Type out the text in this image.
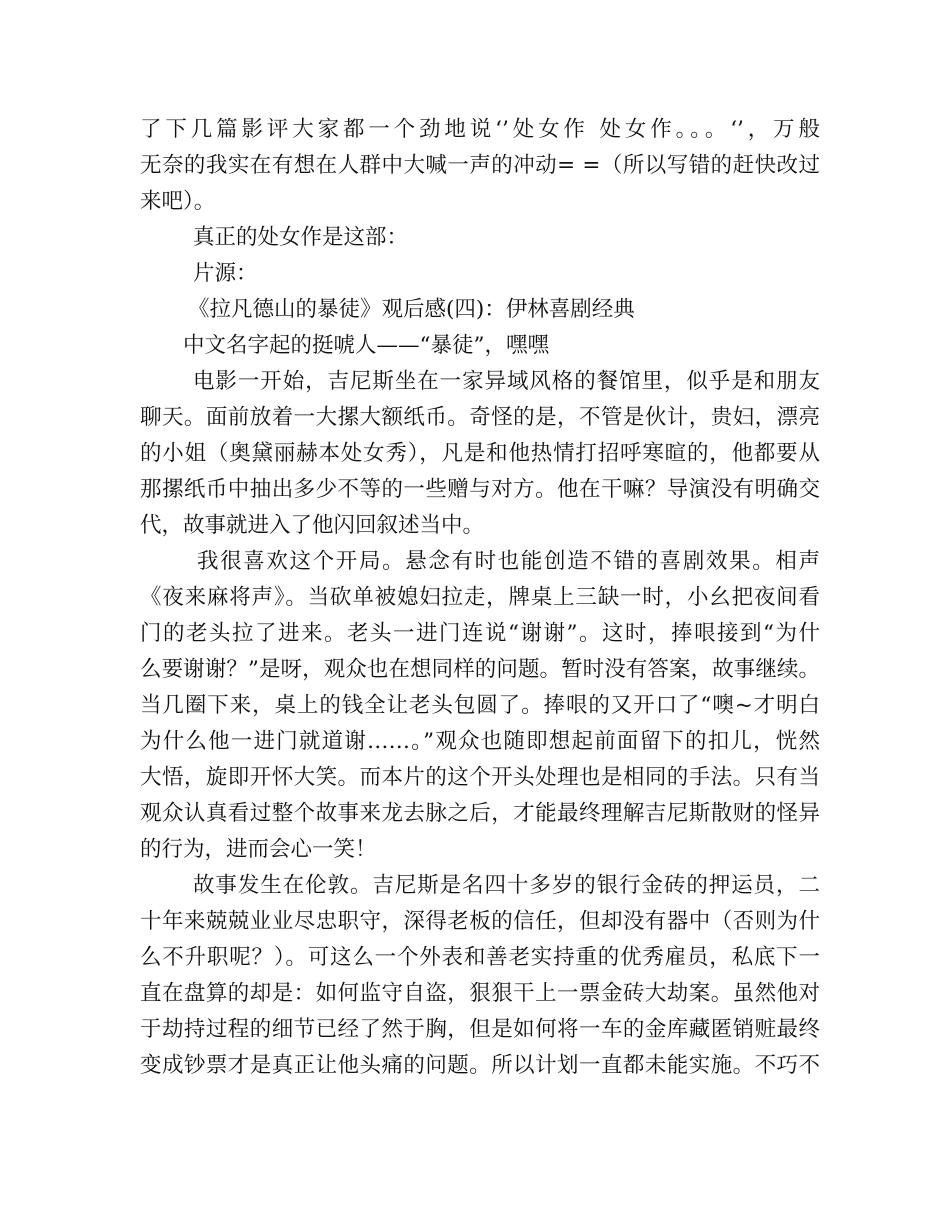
了下几篇影评大家都一个劲地说‘’处女作 处女作。。。‘’，万般
无奈的我实在有想在人群中大喊一声的冲动= =（所以写错的赶快改过
来吧）。
真正的处女作是这部：
片源：
《拉凡德山的暴徒》观后感(四)：伊林喜剧经典
中文名字起的挺唬人——“暴徒”，嘿嘿
电影一开始，吉尼斯坐在一家异域风格的餐馆里，似乎是和朋友
聊天。面前放着一大摞大额纸币。奇怪的是，不管是伙计，贵妇，漂亮
的小姐（奥黛丽赫本处女秀），凡是和他热情打招呼寒暄的，他都要从
那摞纸币中抽出多少不等的一些赠与对方。他在干嘛？导演没有明确交
代，故事就进入了他闪回叙述当中。
我很喜欢这个开局。悬念有时也能创造不错的喜剧效果。相声
《夜来麻将声》。当砍单被媳妇拉走，牌桌上三缺一时，小幺把夜间看
门的老头拉了进来。老头一进门连说“谢谢”。这时，捧哏接到“为什
么要谢谢？”是呀，观众也在想同样的问题。暂时没有答案，故事继续。
当几圈下来，桌上的钱全让老头包圆了。捧哏的又开口了“噢~才明白
为什么他一进门就道谢……。”观众也随即想起前面留下的扣儿，恍然
大悟，旋即开怀大笑。而本片的这个开头处理也是相同的手法。只有当
观众认真看过整个故事来龙去脉之后，才能最终理解吉尼斯散财的怪异
的行为，进而会心一笑！
故事发生在伦敦。吉尼斯是名四十多岁的银行金砖的押运员，二
十年来兢兢业业尽忠职守，深得老板的信任，但却没有器中（否则为什
么不升职呢？）。可这么一个外表和善老实持重的优秀雇员，私底下一
直在盘算的却是：如何监守自盗，狠狠干上一票金砖大劫案。虽然他对
于劫持过程的细节已经了然于胸，但是如何将一车的金库藏匿销赃最终
变成钞票才是真正让他头痛的问题。所以计划一直都未能实施。不巧不
